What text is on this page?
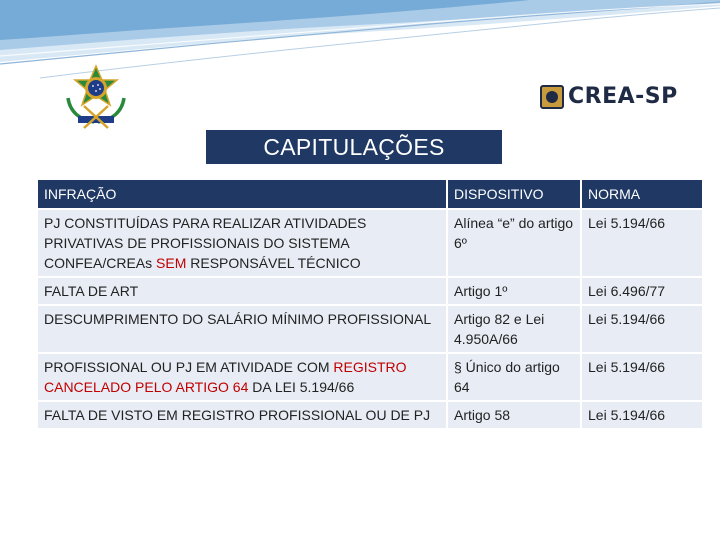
CREA-SP
CAPITULAÇÕES
INFRAÇÃO	DISPOSITIVO	NORMA
PJ CONSTITUÍDAS PARA REALIZAR ATIVIDADES PRIVATIVAS DE PROFISSIONAIS DO SISTEMA CONFEA/CREAs SEM RESPONSÁVEL TÉCNICO	Alínea “e” do artigo 6º	Lei 5.194/66
FALTA DE ART	Artigo 1º	Lei 6.496/77
DESCUMPRIMENTO DO SALÁRIO MÍNIMO PROFISSIONAL	Artigo 82 e Lei 4.950A/66	Lei 5.194/66
PROFISSIONAL OU PJ EM ATIVIDADE COM REGISTRO CANCELADO PELO ARTIGO 64 DA LEI 5.194/66	§ Único do artigo 64	Lei 5.194/66
FALTA DE VISTO EM REGISTRO PROFISSIONAL OU DE PJ	Artigo 58	Lei 5.194/66
